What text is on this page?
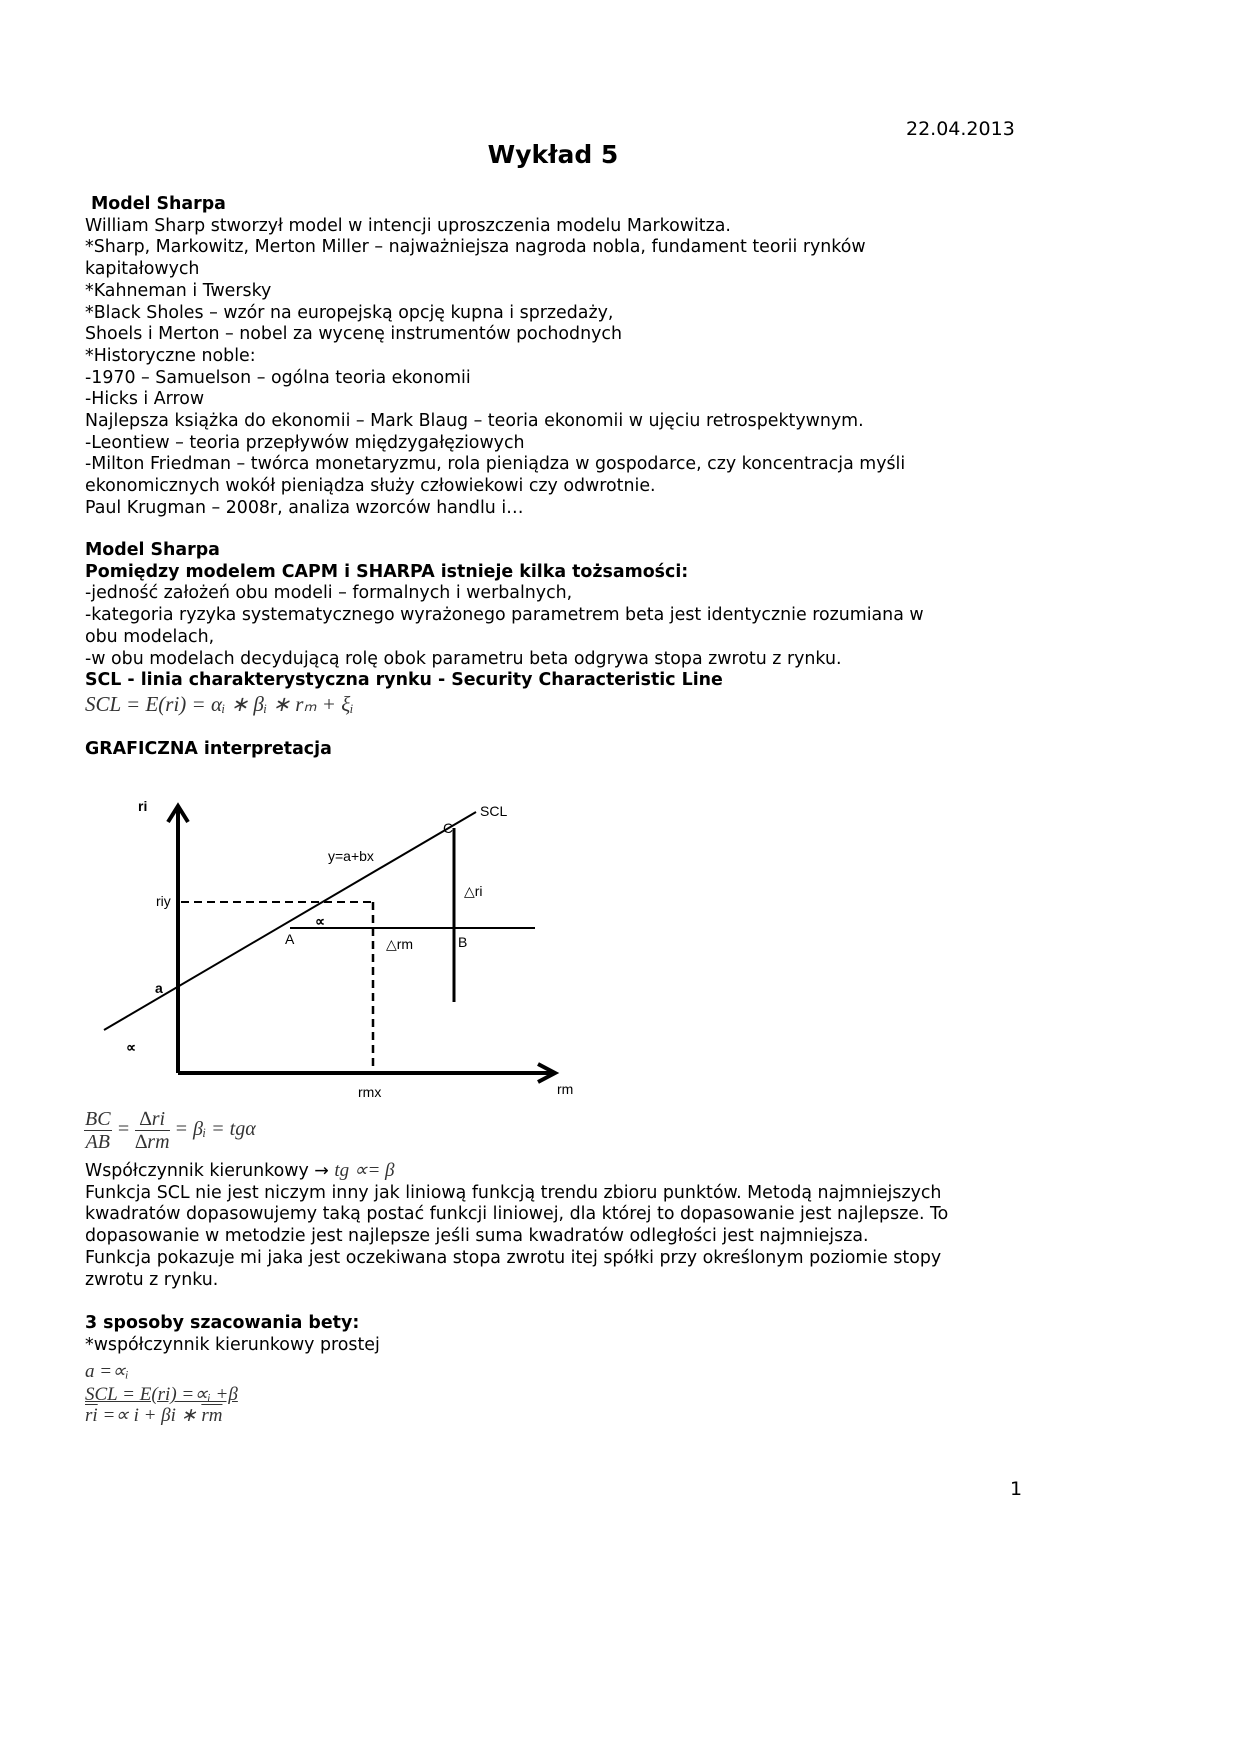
22.04.2013
Wykład 5
Model Sharpa
William Sharp stworzył model w intencji uproszczenia modelu Markowitza.
*Sharp, Markowitz, Merton Miller – najważniejsza nagroda nobla, fundament teorii rynków
kapitałowych
*Kahneman i Twersky
*Black Sholes – wzór na europejską opcję kupna i sprzedaży,
Shoels i Merton – nobel za wycenę instrumentów pochodnych
*Historyczne noble:
-1970 – Samuelson – ogólna teoria ekonomii
-Hicks i Arrow
Najlepsza książka do ekonomii – Mark Blaug – teoria ekonomii w ujęciu retrospektywnym.
-Leontiew – teoria przepływów międzygałęziowych
-Milton Friedman – twórca monetaryzmu, rola pieniądza w gospodarce, czy koncentracja myśli
ekonomicznych wokół pieniądza służy człowiekowi czy odwrotnie.
Paul Krugman – 2008r, analiza wzorców handlu i…
Model Sharpa
Pomiędzy modelem CAPM i SHARPA istnieje kilka tożsamości:
-jedność założeń obu modeli – formalnych i werbalnych,
-kategoria ryzyka systematycznego wyrażonego parametrem beta jest identycznie rozumiana w
obu modelach,
-w obu modelach decydującą rolę obok parametru beta odgrywa stopa zwrotu z rynku.
SCL - linia charakterystyczna rynku - Security Characteristic Line
SCL = E(ri) = αᵢ ∗ βᵢ ∗ rₘ + ξᵢ
GRAFICZNA interpretacja
ri	SCL
C
y=a+bx
△ri
riy
∝
A	△rm	B
a
∝
rmx	rm
$\frac{BC}{AB} = \frac{\Delta ri}{\Delta rm}$ = βᵢ = tgα
Współczynnik kierunkowy → tg ∝= β
Funkcja SCL nie jest niczym inny jak liniową funkcją trendu zbioru punktów. Metodą najmniejszych
kwadratów dopasowujemy taką postać funkcji liniowej, dla której to dopasowanie jest najlepsze. To
dopasowanie w metodzie jest najlepsze jeśli suma kwadratów odległości jest najmniejsza.
Funkcja pokazuje mi jaka jest oczekiwana stopa zwrotu itej spółki przy określonym poziomie stopy
zwrotu z rynku.
3 sposoby szacowania bety:
*współczynnik kierunkowy prostej
a =∝ᵢ
SCL = E(ri) =∝ᵢ +β
$\overline{ri} =\propto i + \beta i$ ∗ $\overline{rm}$
1
